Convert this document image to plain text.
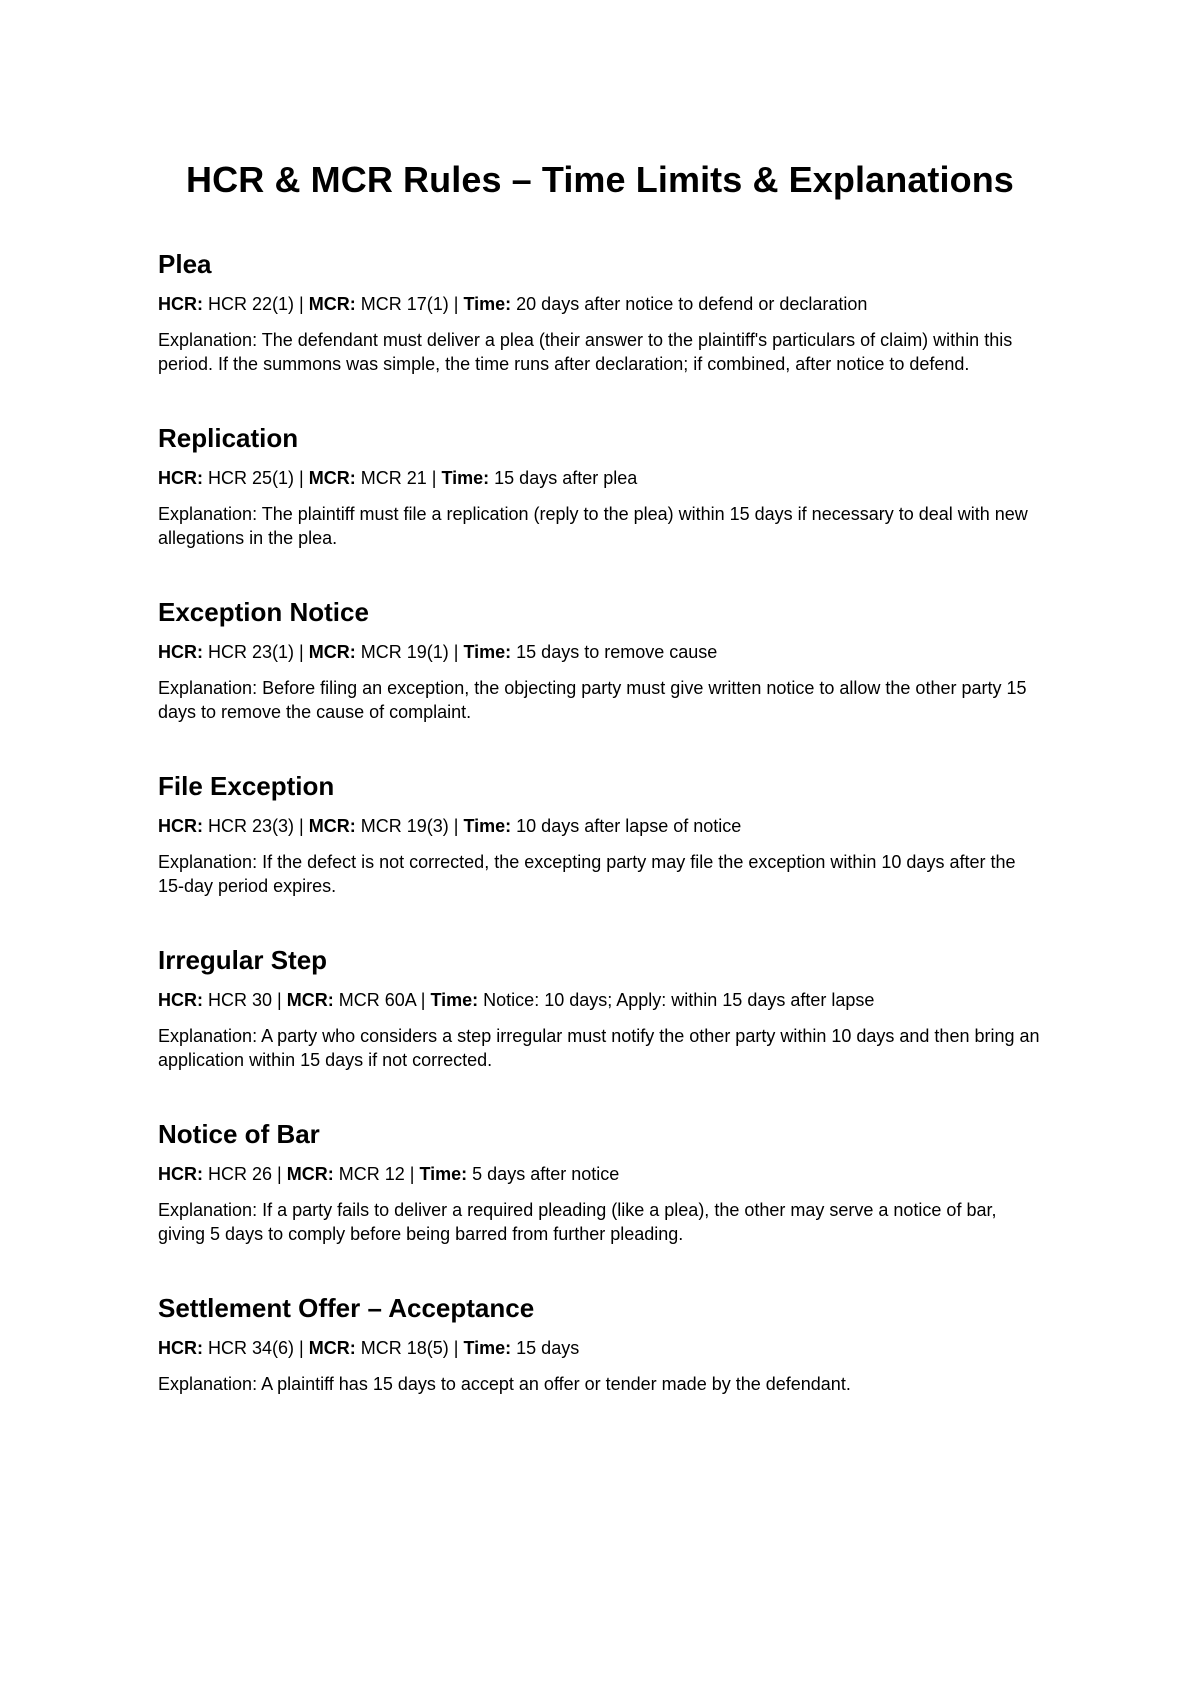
HCR & MCR Rules – Time Limits & Explanations
Plea

HCR: HCR 22(1) | MCR: MCR 17(1) | Time: 20 days after notice to defend or declaration

Explanation: The defendant must deliver a plea (their answer to the plaintiff's particulars of claim) within this period. If the summons was simple, the time runs after declaration; if combined, after notice to defend.

Replication

HCR: HCR 25(1) | MCR: MCR 21 | Time: 15 days after plea

Explanation: The plaintiff must file a replication (reply to the plea) within 15 days if necessary to deal with new allegations in the plea.

Exception Notice

HCR: HCR 23(1) | MCR: MCR 19(1) | Time: 15 days to remove cause

Explanation: Before filing an exception, the objecting party must give written notice to allow the other party 15 days to remove the cause of complaint.

File Exception

HCR: HCR 23(3) | MCR: MCR 19(3) | Time: 10 days after lapse of notice

Explanation: If the defect is not corrected, the excepting party may file the exception within 10 days after the 15-day period expires.

Irregular Step

HCR: HCR 30 | MCR: MCR 60A | Time: Notice: 10 days; Apply: within 15 days after lapse

Explanation: A party who considers a step irregular must notify the other party within 10 days and then bring an application within 15 days if not corrected.

Notice of Bar

HCR: HCR 26 | MCR: MCR 12 | Time: 5 days after notice

Explanation: If a party fails to deliver a required pleading (like a plea), the other may serve a notice of bar, giving 5 days to comply before being barred from further pleading.

Settlement Offer – Acceptance

HCR: HCR 34(6) | MCR: MCR 18(5) | Time: 15 days

Explanation: A plaintiff has 15 days to accept an offer or tender made by the defendant.
